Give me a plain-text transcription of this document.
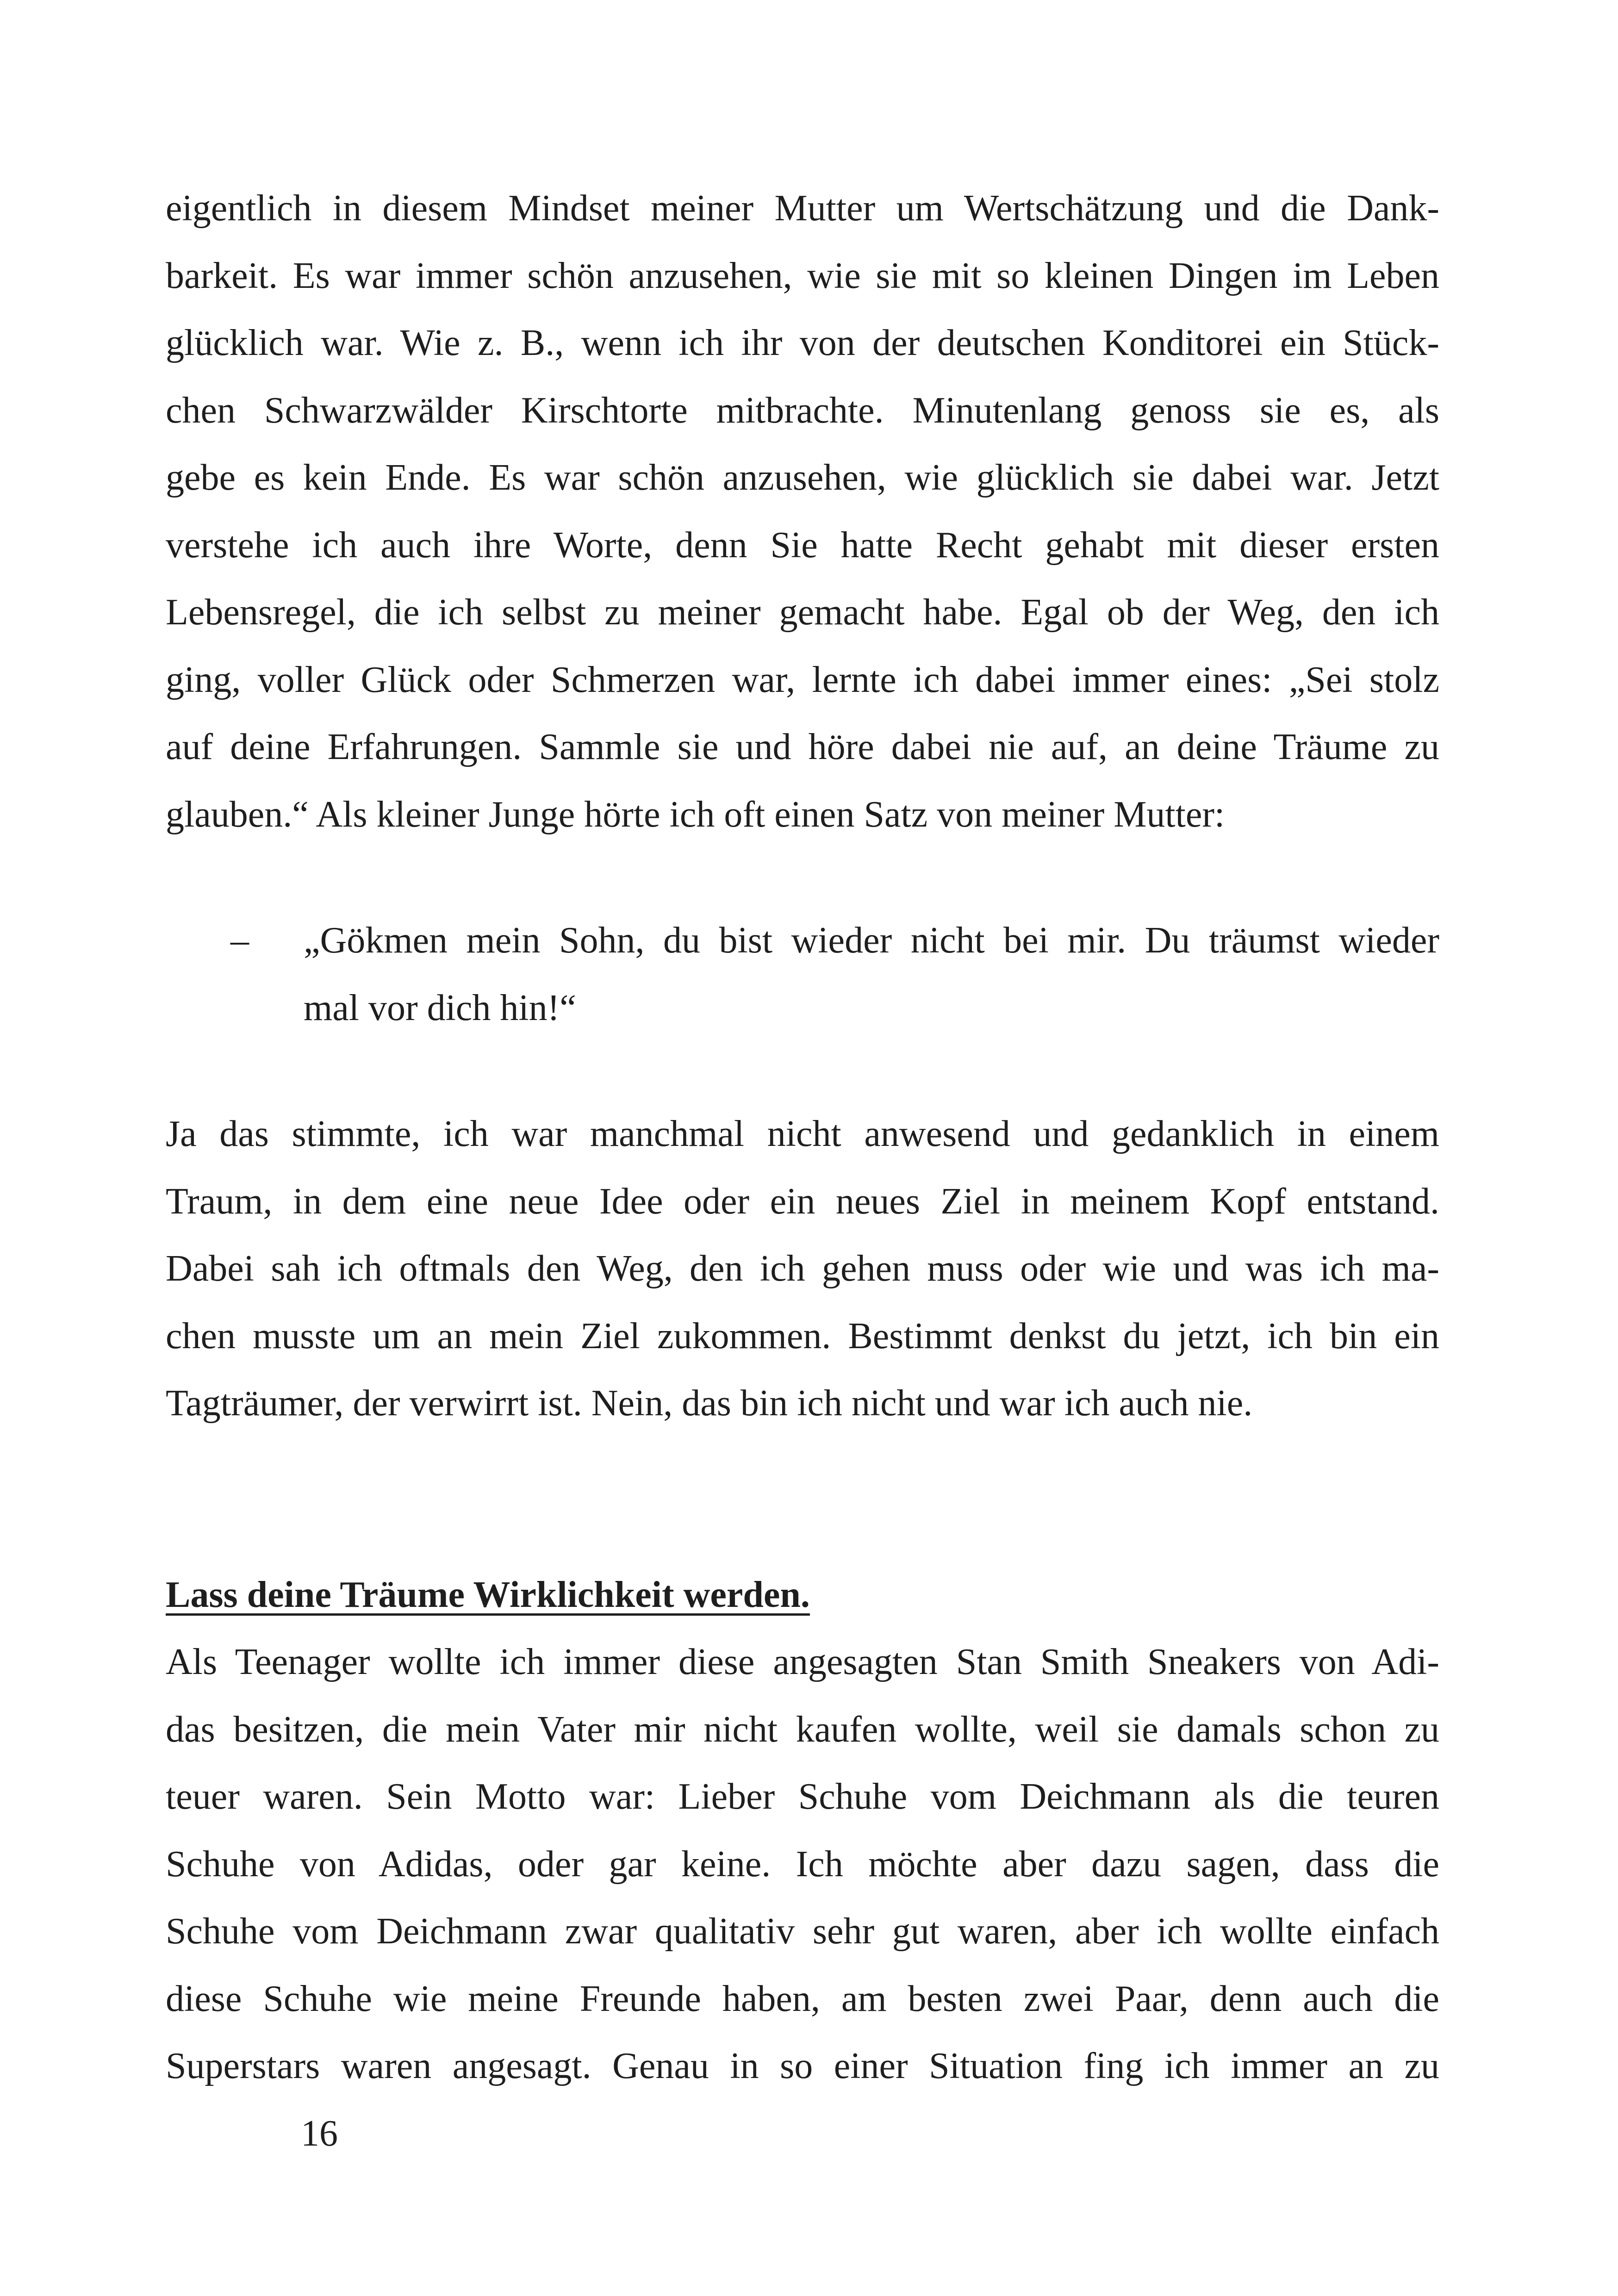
eigentlich in diesem Mindset meiner Mutter um Wertschätzung und die Dank-
barkeit. Es war immer schön anzusehen, wie sie mit so kleinen Dingen im Leben
glücklich war. Wie z. B., wenn ich ihr von der deutschen Konditorei ein Stück-
chen Schwarzwälder Kirschtorte mitbrachte. Minutenlang genoss sie es, als
gebe es kein Ende. Es war schön anzusehen, wie glücklich sie dabei war. Jetzt
verstehe ich auch ihre Worte, denn Sie hatte Recht gehabt mit dieser ersten
Lebensregel, die ich selbst zu meiner gemacht habe. Egal ob der Weg, den ich
ging, voller Glück oder Schmerzen war, lernte ich dabei immer eines: „Sei stolz
auf deine Erfahrungen. Sammle sie und höre dabei nie auf, an deine Träume zu
glauben.“ Als kleiner Junge hörte ich oft einen Satz von meiner Mutter:

– „Gökmen mein Sohn, du bist wieder nicht bei mir. Du träumst wieder
mal vor dich hin!“

Ja das stimmte, ich war manchmal nicht anwesend und gedanklich in einem
Traum, in dem eine neue Idee oder ein neues Ziel in meinem Kopf entstand.
Dabei sah ich oftmals den Weg, den ich gehen muss oder wie und was ich ma-
chen musste um an mein Ziel zukommen. Bestimmt denkst du jetzt, ich bin ein
Tagträumer, der verwirrt ist. Nein, das bin ich nicht und war ich auch nie.

Lass deine Träume Wirklichkeit werden.

Als Teenager wollte ich immer diese angesagten Stan Smith Sneakers von Adi-
das besitzen, die mein Vater mir nicht kaufen wollte, weil sie damals schon zu
teuer waren. Sein Motto war: Lieber Schuhe vom Deichmann als die teuren
Schuhe von Adidas, oder gar keine. Ich möchte aber dazu sagen, dass die
Schuhe vom Deichmann zwar qualitativ sehr gut waren, aber ich wollte einfach
diese Schuhe wie meine Freunde haben, am besten zwei Paar, denn auch die
Superstars waren angesagt. Genau in so einer Situation fing ich immer an zu

16
